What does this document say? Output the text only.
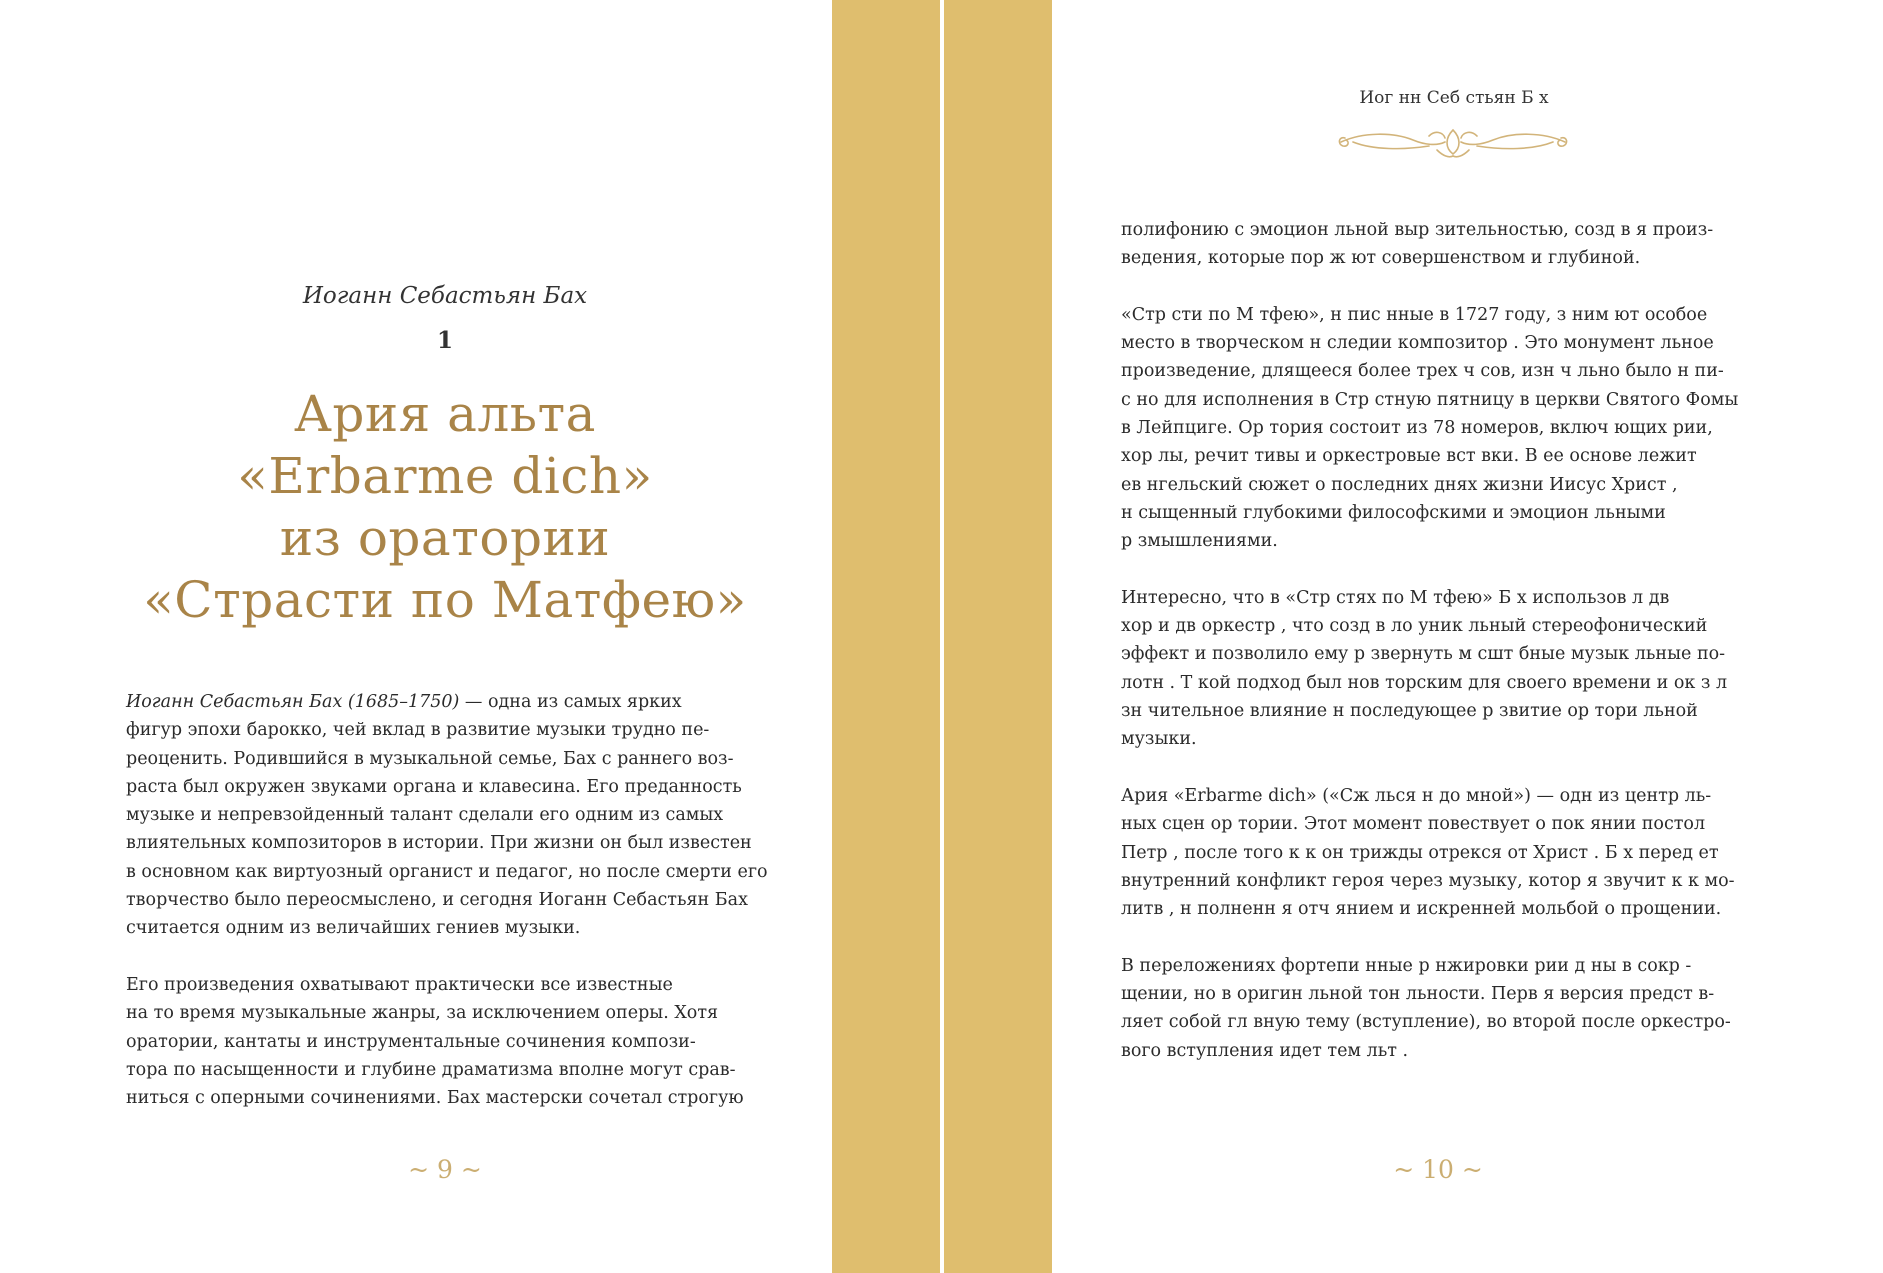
Иоганн Себастьян Бах
1
Ария альта
«Erbarme dich»
из оратории
«Страсти по Матфею»

Иоганн Себастьян Бах (1685–1750) — одна из самых ярких
фигур эпохи барокко, чей вклад в развитие музыки трудно пе-
реоценить. Родившийся в музыкальной семье, Бах с раннего воз-
раста был окружен звуками органа и клавесина. Его преданность
музыке и непревзойденный талант сделали его одним из самых
влиятельных композиторов в истории. При жизни он был известен
в основном как виртуозный органист и педагог, но после смерти его
творчество было переосмыслено, и сегодня Иоганн Себастьян Бах
считается одним из величайших гениев музыки.

Его произведения охватывают практически все известные
на то время музыкальные жанры, за исключением оперы. Хотя
оратории, кантаты и инструментальные сочинения компози-
тора по насыщенности и глубине драматизма вполне могут срав-
ниться с оперными сочинениями. Бах мастерски сочетал строгую

~ 9 ~
Иог нн Себ стьян Б х

полифонию с эмоцион льной выр зительностью, созд в я произ-
ведения, которые пор ж ют совершенством и глубиной.

«Стр сти по М тфею», н пис нные в 1727 году, з ним ют особое
место в творческом н следии композитор . Это монумент льное
произведение, длящееся более трех ч сов, изн ч льно было н пи-
с но для исполнения в Стр стную пятницу в церкви Святого Фомы
в Лейпциге. Ор тория состоит из 78 номеров, включ ющих рии,
хор лы, речит тивы и оркестровые вст вки. В ее основе лежит
ев нгельский сюжет о последних днях жизни Иисус Христ ,
н сыщенный глубокими философскими и эмоцион льными
р змышлениями.

Интересно, что в «Стр стях по М тфею» Б х использов л дв
хор и дв оркестр , что созд в ло уник льный стереофонический
эффект и позволило ему р звернуть м сшт бные музык льные по-
лотн . Т кой подход был нов торским для своего времени и ок з л
зн чительное влияние н последующее р звитие ор тори льной
музыки.

Ария «Erbarme dich» («Сж лься н до мной») — одн из центр ль-
ных сцен ор тории. Этот момент повествует о пок янии постол
Петр , после того к к он трижды отрекся от Христ . Б х перед ет
внутренний конфликт героя через музыку, котор я звучит к к мо-
литв , н полненн я отч янием и искренней мольбой о прощении.

В переложениях фортепи нные р нжировки рии д ны в сокр -
щении, но в оригин льной тон льности. Перв я версия предст в-
ляет собой гл вную тему (вступление), во второй после оркестро-
вого вступления идет тем льт .

~ 10 ~
